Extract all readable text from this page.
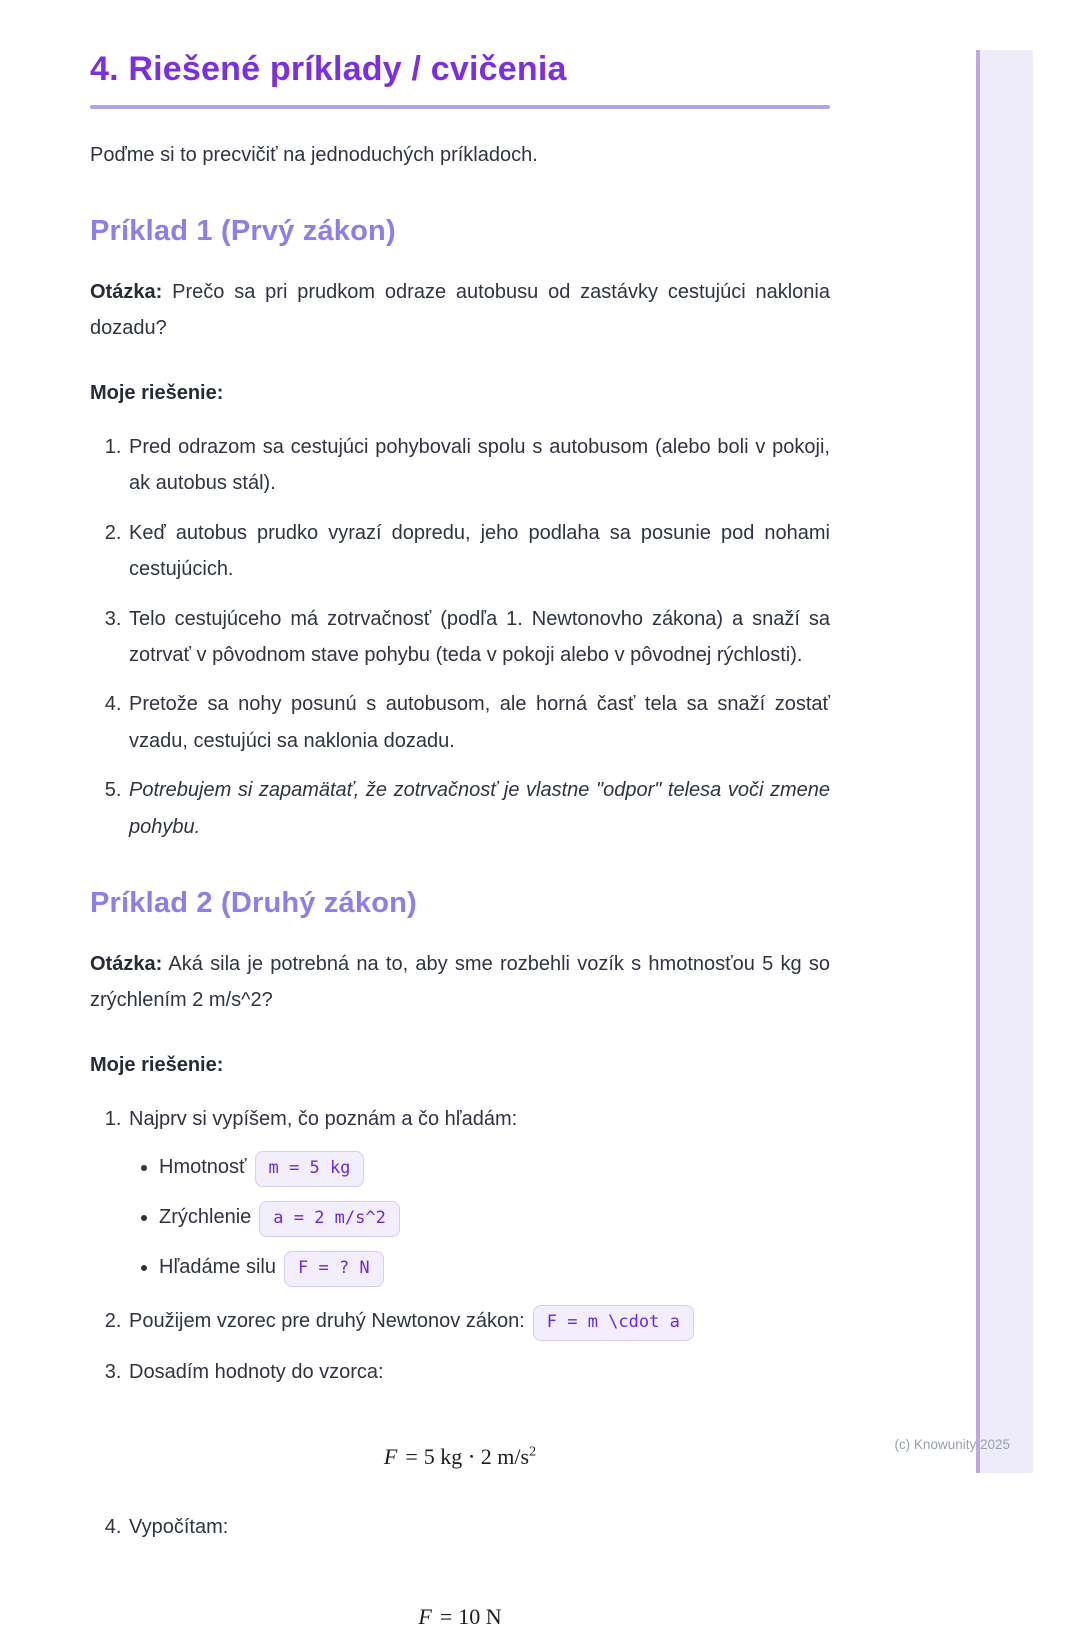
4. Riešené príklady / cvičenia

Poďme si to precvičiť na jednoduchých príkladoch.

Príklad 1 (Prvý zákon)

Otázka: Prečo sa pri prudkom odraze autobusu od zastávky cestujúci naklonia dozadu?

Moje riešenie:

1. Pred odrazom sa cestujúci pohybovali spolu s autobusom (alebo boli v pokoji, ak autobus stál).
2. Keď autobus prudko vyrazí dopredu, jeho podlaha sa posunie pod nohami cestujúcich.
3. Telo cestujúceho má zotrvačnosť (podľa 1. Newtonovho zákona) a snaží sa zotrvať v pôvodnom stave pohybu (teda v pokoji alebo v pôvodnej rýchlosti).
4. Pretože sa nohy posunú s autobusom, ale horná časť tela sa snaží zostať vzadu, cestujúci sa naklonia dozadu.
5. Potrebujem si zapamätať, že zotrvačnosť je vlastne "odpor" telesa voči zmene pohybu.
Príklad 2 (Druhý zákon)

Otázka: Aká sila je potrebná na to, aby sme rozbehli vozík s hmotnosťou 5 kg so zrýchlením 2 m/s^2?

Moje riešenie:

1. Najprv si vypíšem, čo poznám a čo hľadám:
• Hmotnosť m = 5 kg
• Zrýchlenie a = 2 m/s^2
• Hľadáme silu F = ? N
2. Použijem vzorec pre druhý Newtonov zákon: F = m \cdot a
3. Dosadím hodnoty do vzorca:
F = 5 kg ⋅ 2 $m/s^2$
4. Vypočítam:
F = 10 N
(c) Knowunity 2025
